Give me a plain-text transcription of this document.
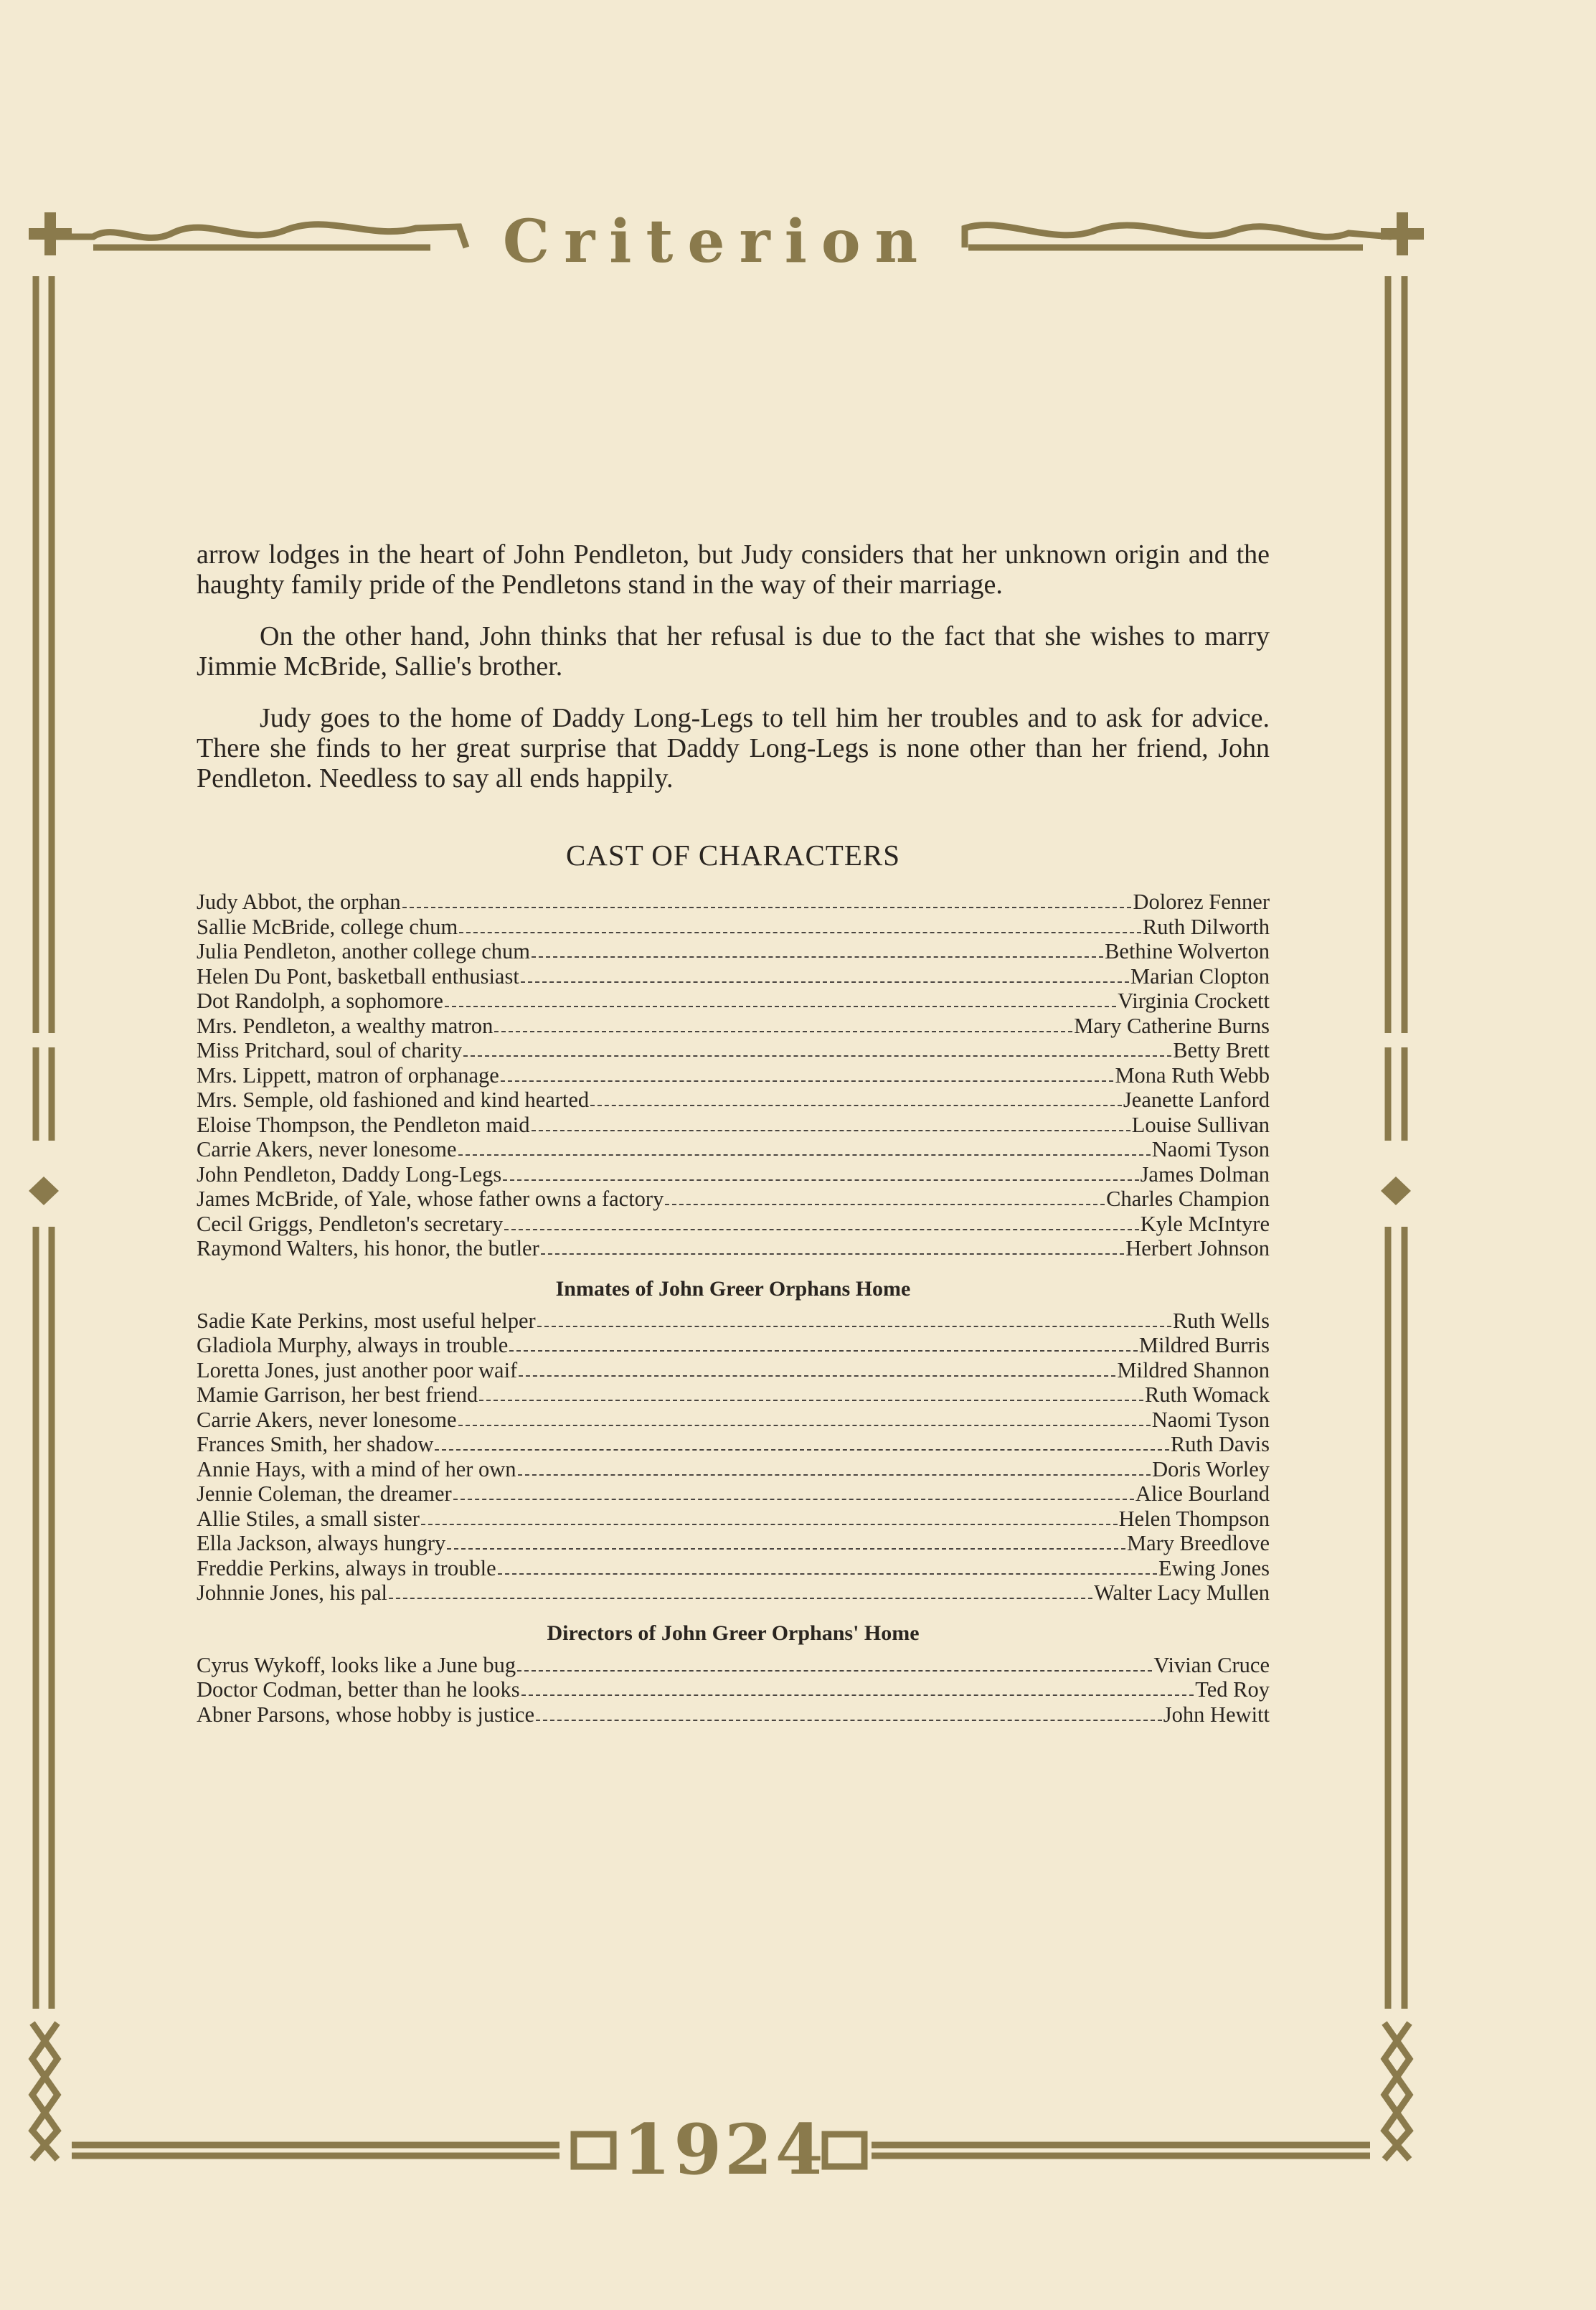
Criterion
1924

arrow lodges in the heart of John Pendleton, but Judy considers that her unknown origin and the haughty family pride of the Pendletons stand in the way of their marriage.

On the other hand, John thinks that her refusal is due to the fact that she wishes to marry Jimmie McBride, Sallie's brother.

Judy goes to the home of Daddy Long-Legs to tell him her troubles and to ask for advice. There she finds to her great surprise that Daddy Long-Legs is none other than her friend, John Pendleton. Needless to say all ends happily.

CAST OF CHARACTERS
Judy Abbot, the orphan	Dolorez Fenner
Sallie McBride, college chum	Ruth Dilworth
Julia Pendleton, another college chum	Bethine Wolverton
Helen Du Pont, basketball enthusiast	Marian Clopton
Dot Randolph, a sophomore	Virginia Crockett
Mrs. Pendleton, a wealthy matron	Mary Catherine Burns
Miss Pritchard, soul of charity	Betty Brett
Mrs. Lippett, matron of orphanage	Mona Ruth Webb
Mrs. Semple, old fashioned and kind hearted	Jeanette Lanford
Eloise Thompson, the Pendleton maid	Louise Sullivan
Carrie Akers, never lonesome	Naomi Tyson
John Pendleton, Daddy Long-Legs	James Dolman
James McBride, of Yale, whose father owns a factory	Charles Champion
Cecil Griggs, Pendleton's secretary	Kyle McIntyre
Raymond Walters, his honor, the butler	Herbert Johnson
Inmates of John Greer Orphans Home
Sadie Kate Perkins, most useful helper	Ruth Wells
Gladiola Murphy, always in trouble	Mildred Burris
Loretta Jones, just another poor waif	Mildred Shannon
Mamie Garrison, her best friend	Ruth Womack
Carrie Akers, never lonesome	Naomi Tyson
Frances Smith, her shadow	Ruth Davis
Annie Hays, with a mind of her own	Doris Worley
Jennie Coleman, the dreamer	Alice Bourland
Allie Stiles, a small sister	Helen Thompson
Ella Jackson, always hungry	Mary Breedlove
Freddie Perkins, always in trouble	Ewing Jones
Johnnie Jones, his pal	Walter Lacy Mullen
Directors of John Greer Orphans' Home
Cyrus Wykoff, looks like a June bug	Vivian Cruce
Doctor Codman, better than he looks	Ted Roy
Abner Parsons, whose hobby is justice	John Hewitt
